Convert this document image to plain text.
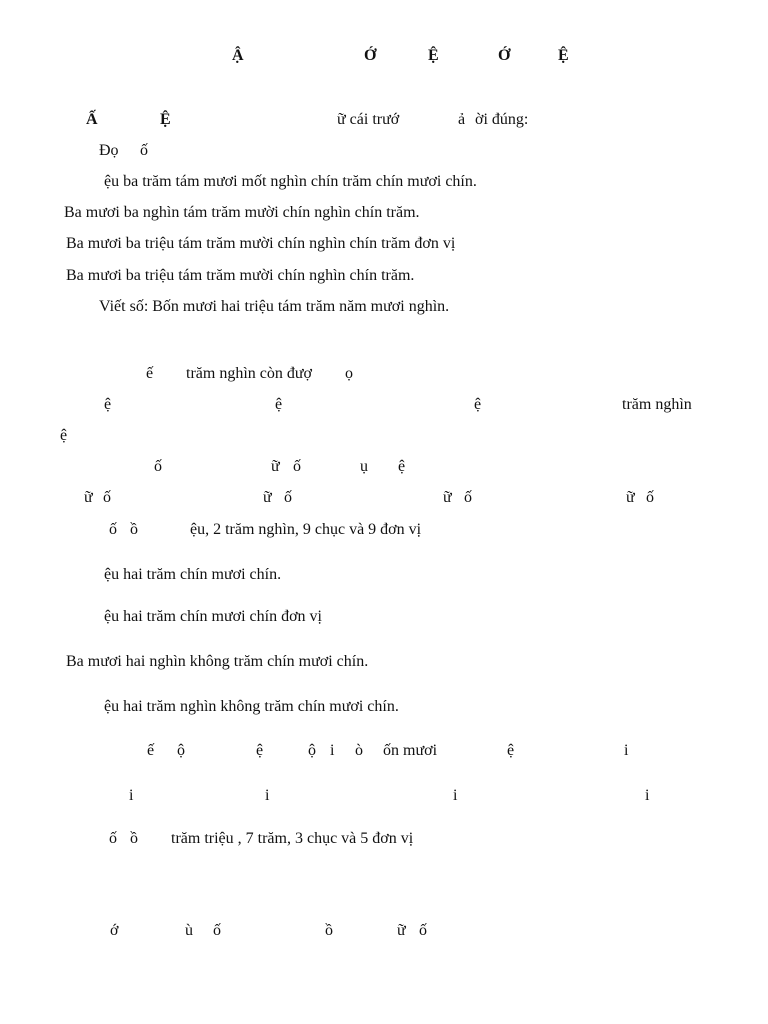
Ậ	Ớ	Ệ	Ớ	Ệ
Ấ	Ệ	ữ cái trướ	ả ời đúng:
Đọ ố
ệu ba trăm tám mươi mốt nghìn chín trăm chín mươi chín.
Ba mươi ba nghìn tám trăm mười chín nghìn chín trăm.
Ba mươi ba triệu tám trăm mười chín nghìn chín trăm đơn vị
Ba mươi ba triệu tám trăm mười chín nghìn chín trăm.
Viết số: Bốn mươi hai triệu tám trăm năm mươi nghìn.
ế trăm nghìn còn đượ ọ
ệ	ệ	ệ	trăm nghìn
ệ
ố	ữ ố	ụ ệ
ữ ố	ữ ố	ữ ố	ữ ố
ố ồ	ệu, 2 trăm nghìn, 9 chục và 9 đơn vị
ệu hai trăm chín mươi chín.
ệu hai trăm chín mươi chín đơn vị
Ba mươi hai nghìn không trăm chín mươi chín.
ệu hai trăm nghìn không trăm chín mươi chín.
ế ộ	ệ	ộ i ò ốn mươi	ệ	i
i	i	i	i
ố ồ trăm triệu , 7 trăm, 3 chục và 5 đơn vị
ớ	ù ố	ồ	ữ ố
